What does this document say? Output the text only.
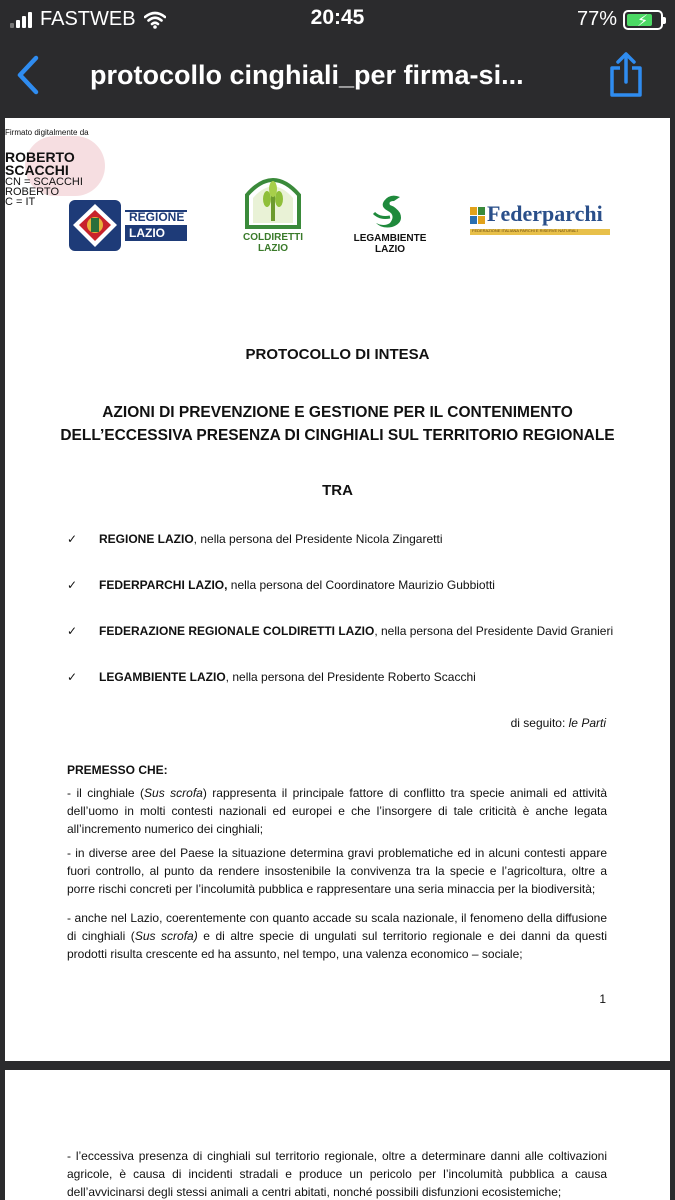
FASTWEB	20:45	77% ⚡
protocollo cinghiali_per firma-si...
Firmato digitalmente da
ROBERTO
SCACCHI
CN = SCACCHI
ROBERTO
C = IT
REGIONE
LAZIO	COLDIRETTI
LAZIO
LEGAMBIENTE
LAZIO
Federparchi
FEDERAZIONE ITALIANA PARCHI E RISERVE NATURALI
PROTOCOLLO DI INTESA
AZIONI DI PREVENZIONE E GESTIONE PER IL CONTENIMENTO
DELL’ECCESSIVA PRESENZA DI CINGHIALI SUL TERRITORIO REGIONALE
TRA
✓ REGIONE LAZIO, nella persona del Presidente Nicola Zingaretti
✓ FEDERPARCHI LAZIO, nella persona del Coordinatore Maurizio Gubbiotti
✓ FEDERAZIONE REGIONALE COLDIRETTI LAZIO, nella persona del Presidente David Granieri
✓ LEGAMBIENTE LAZIO, nella persona del Presidente Roberto Scacchi
di seguito: le Parti
PREMESSO CHE:
- il cinghiale (Sus scrofa) rappresenta il principale fattore di conflitto tra specie animali ed attività dell’uomo in molti contesti nazionali ed europei e che l’insorgere di tale criticità è anche legata all’incremento numerico dei cinghiali;
- in diverse aree del Paese la situazione determina gravi problematiche ed in alcuni contesti appare fuori controllo, al punto da rendere insostenibile la convivenza tra la specie e l’agricoltura, oltre a porre rischi concreti per l’incolumità pubblica e rappresentare una seria minaccia per la biodiversità;
- anche nel Lazio, coerentemente con quanto accade su scala nazionale, il fenomeno della diffusione di cinghiali (Sus scrofa) e di altre specie di ungulati sul territorio regionale e dei danni da questi prodotti risulta crescente ed ha assunto, nel tempo, una valenza economico – sociale;
1
- l’eccessiva presenza di cinghiali sul territorio regionale, oltre a determinare danni alle coltivazioni agricole, è causa di incidenti stradali e produce un pericolo per l’incolumità pubblica a causa dell’avvicinarsi degli stessi animali a centri abitati, nonché possibili disfunzioni ecosistemiche;
